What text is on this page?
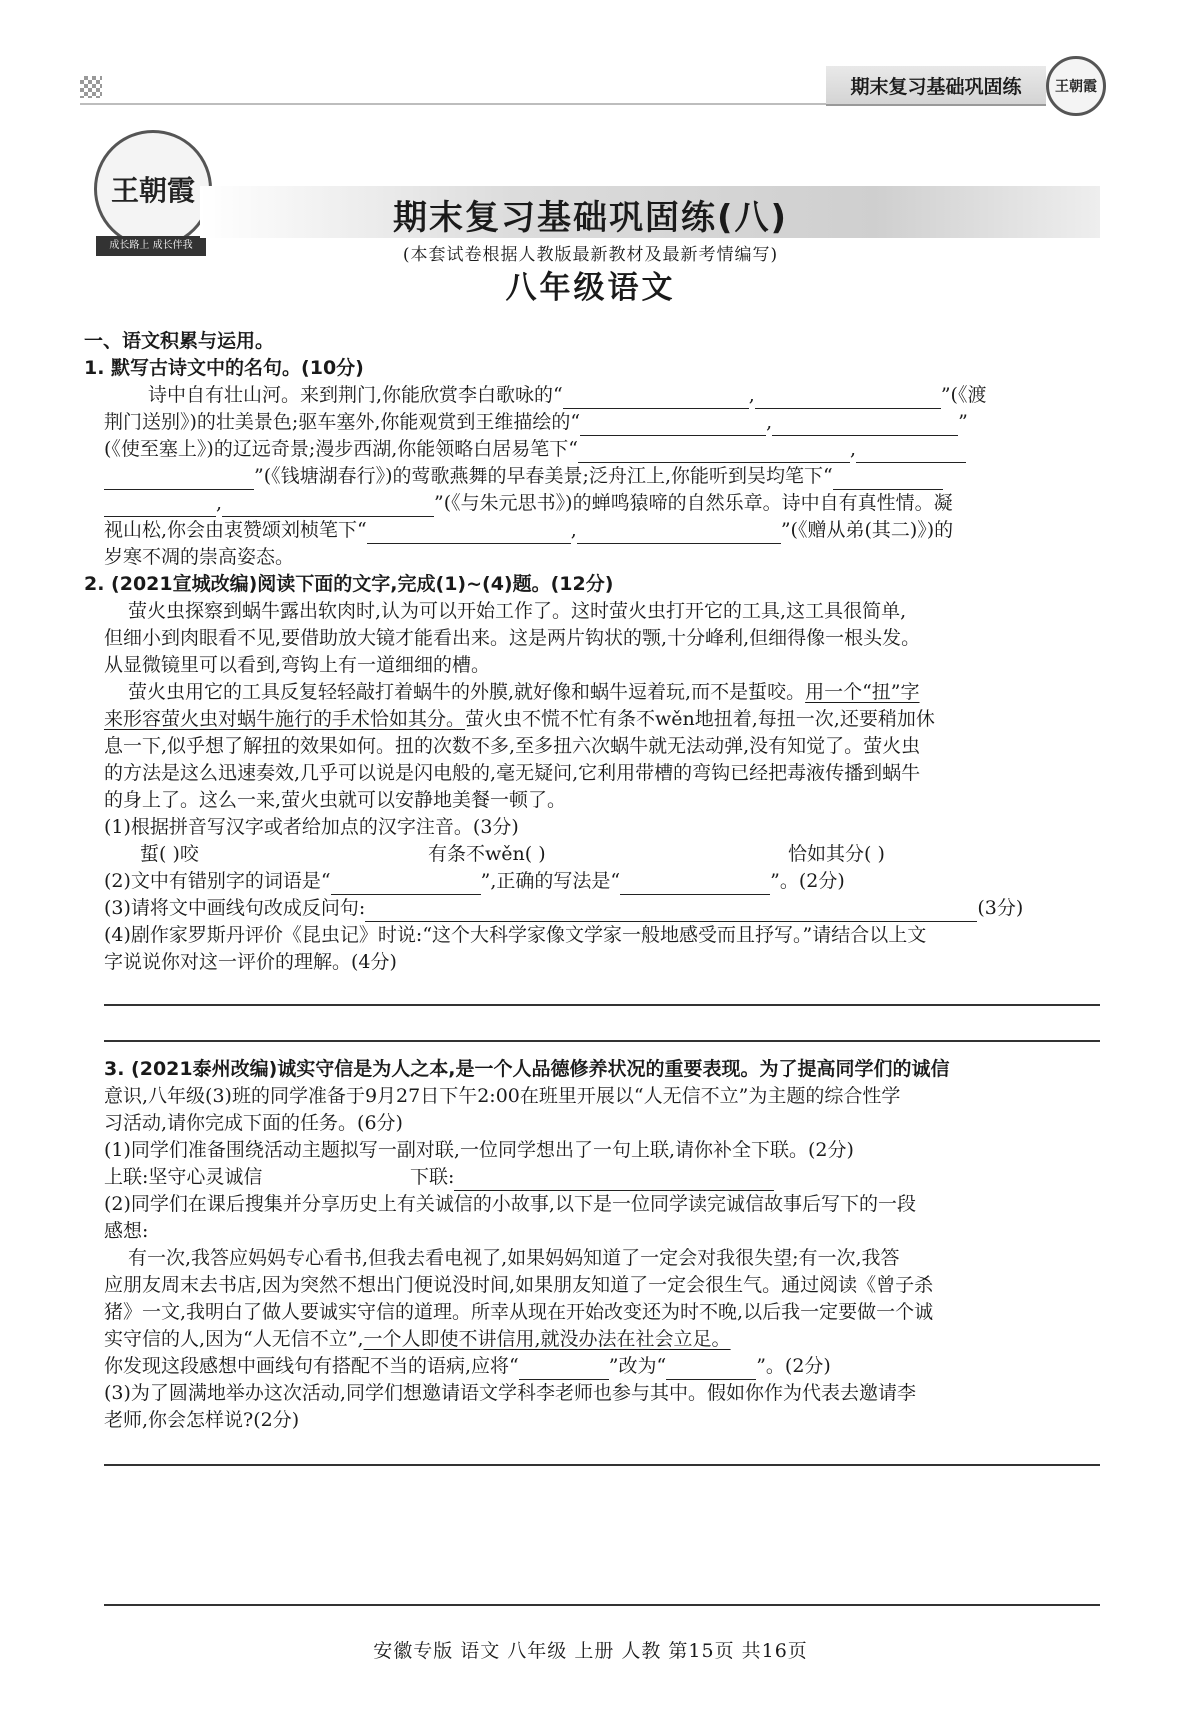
期末复习基础巩固练	王朝霞
王朝霞
成长路上 成长伴我
期末复习基础巩固练(八)
(本套试卷根据人教版最新教材及最新考情编写)
八年级语文
一、语文积累与运用。
1. 默写古诗文中的名句。(10分)
诗中自有壮山河。来到荆门,你能欣赏李白歌咏的“	,	”(《渡
荆门送别》)的壮美景色;驱车塞外,你能观赏到王维描绘的“	,	”
(《使至塞上》)的辽远奇景;漫步西湖,你能领略白居易笔下“	,
”(《钱塘湖春行》)的莺歌燕舞的早春美景;泛舟江上,你能听到吴均笔下“
,	”(《与朱元思书》)的蝉鸣猿啼的自然乐章。诗中自有真性情。凝
视山松,你会由衷赞颂刘桢笔下“	,	”(《赠从弟(其二)》)的
岁寒不凋的崇高姿态。
2. (2021宣城改编)阅读下面的文字,完成(1)~(4)题。(12分)
萤火虫探察到蜗牛露出软肉时,认为可以开始工作了。这时萤火虫打开它的工具,这工具很简单,
但细小到肉眼看不见,要借助放大镜才能看出来。这是两片钩状的颚,十分峰利,但细得像一根头发。
从显微镜里可以看到,弯钩上有一道细细的槽。
萤火虫用它的工具反复轻轻敲打着蜗牛的外膜,就好像和蜗牛逗着玩,而不是蜇咬。用一个“扭”字
来形容萤火虫对蜗牛施行的手术恰如其分。萤火虫不慌不忙有条不wěn地扭着,每扭一次,还要稍加休
息一下,似乎想了解扭的效果如何。扭的次数不多,至多扭六次蜗牛就无法动弹,没有知觉了。萤火虫
的方法是这么迅速奏效,几乎可以说是闪电般的,毫无疑问,它利用带槽的弯钩已经把毒液传播到蜗牛
的身上了。这么一来,萤火虫就可以安静地美餐一顿了。
(1)根据拼音写汉字或者给加点的汉字注音。(3分)
蜇( )咬	有条不wěn( )	恰如其分( )
(2)文中有错别字的词语是“	”,正确的写法是“	”。(2分)
(3)请将文中画线句改成反问句:	(3分)
(4)剧作家罗斯丹评价《昆虫记》时说:“这个大科学家像文学家一般地感受而且抒写。”请结合以上文
字说说你对这一评价的理解。(4分)
3. (2021泰州改编)诚实守信是为人之本,是一个人品德修养状况的重要表现。为了提高同学们的诚信
意识,八年级(3)班的同学准备于9月27日下午2:00在班里开展以“人无信不立”为主题的综合性学
习活动,请你完成下面的任务。(6分)
(1)同学们准备围绕活动主题拟写一副对联,一位同学想出了一句上联,请你补全下联。(2分)
上联:坚守心灵诚信	下联:
(2)同学们在课后搜集并分享历史上有关诚信的小故事,以下是一位同学读完诚信故事后写下的一段
感想:
有一次,我答应妈妈专心看书,但我去看电视了,如果妈妈知道了一定会对我很失望;有一次,我答
应朋友周末去书店,因为突然不想出门便说没时间,如果朋友知道了一定会很生气。通过阅读《曾子杀
猪》一文,我明白了做人要诚实守信的道理。所幸从现在开始改变还为时不晚,以后我一定要做一个诚
实守信的人,因为“人无信不立”,一个人即使不讲信用,就没办法在社会立足。
你发现这段感想中画线句有搭配不当的语病,应将“	”改为“	”。(2分)
(3)为了圆满地举办这次活动,同学们想邀请语文学科李老师也参与其中。假如你作为代表去邀请李
老师,你会怎样说?(2分)
安徽专版 语文 八年级 上册 人教 第15页 共16页
